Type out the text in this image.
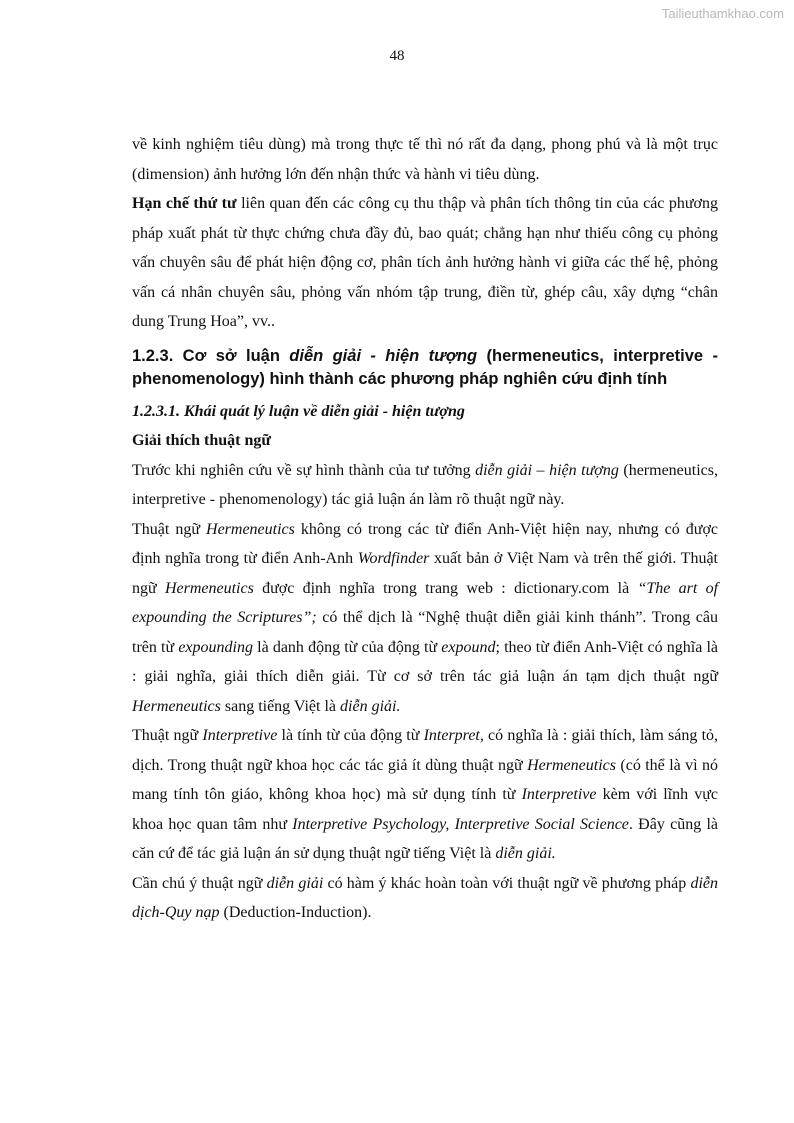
Tailieuthamkhao.com
48

về kinh nghiệm tiêu dùng) mà trong thực tế thì nó rất đa dạng, phong phú và là một trục (dimension) ảnh hưởng lớn đến nhận thức và hành vi tiêu dùng.

Hạn chế thứ tư liên quan đến các công cụ thu thập và phân tích thông tin của các phương pháp xuất phát từ thực chứng chưa đầy đủ, bao quát; chẳng hạn như thiếu công cụ phỏng vấn chuyên sâu để phát hiện động cơ, phân tích ảnh hưởng hành vi giữa các thế hệ, phỏng vấn cá nhân chuyên sâu, phỏng vấn nhóm tập trung, điền từ, ghép câu, xây dựng “chân dung Trung Hoa”, vv..

1.2.3. Cơ sở luận diễn giải - hiện tượng (hermeneutics, interpretive - phenomenology) hình thành các phương pháp nghiên cứu định tính

1.2.3.1. Khái quát lý luận về diễn giải - hiện tượng

Giải thích thuật ngữ

Trước khi nghiên cứu về sự hình thành của tư tưởng diễn giải – hiện tượng (hermeneutics, interpretive - phenomenology) tác giả luận án làm rõ thuật ngữ này.

Thuật ngữ Hermeneutics không có trong các từ điển Anh-Việt hiện nay, nhưng có được định nghĩa trong từ điển Anh-Anh Wordfinder xuất bản ở Việt Nam và trên thế giới. Thuật ngữ Hermeneutics được định nghĩa trong trang web : dictionary.com là “The art of expounding the Scriptures”; có thể dịch là “Nghệ thuật diễn giải kinh thánh”. Trong câu trên từ expounding là danh động từ của động từ expound; theo từ điển Anh-Việt có nghĩa là : giải nghĩa, giải thích diễn giải. Từ cơ sở trên tác giả luận án tạm dịch thuật ngữ Hermeneutics sang tiếng Việt là diễn giải.

Thuật ngữ Interpretive là tính từ của động từ Interpret, có nghĩa là : giải thích, làm sáng tỏ, dịch. Trong thuật ngữ khoa học các tác giả ít dùng thuật ngữ Hermeneutics (có thể là vì nó mang tính tôn giáo, không khoa học) mà sử dụng tính từ Interpretive kèm với lĩnh vực khoa học quan tâm như Interpretive Psychology, Interpretive Social Science. Đây cũng là căn cứ để tác giả luận án sử dụng thuật ngữ tiếng Việt là diễn giải.

Cần chú ý thuật ngữ diễn giải có hàm ý khác hoàn toàn với thuật ngữ về phương pháp diễn dịch-Quy nạp (Deduction-Induction).
